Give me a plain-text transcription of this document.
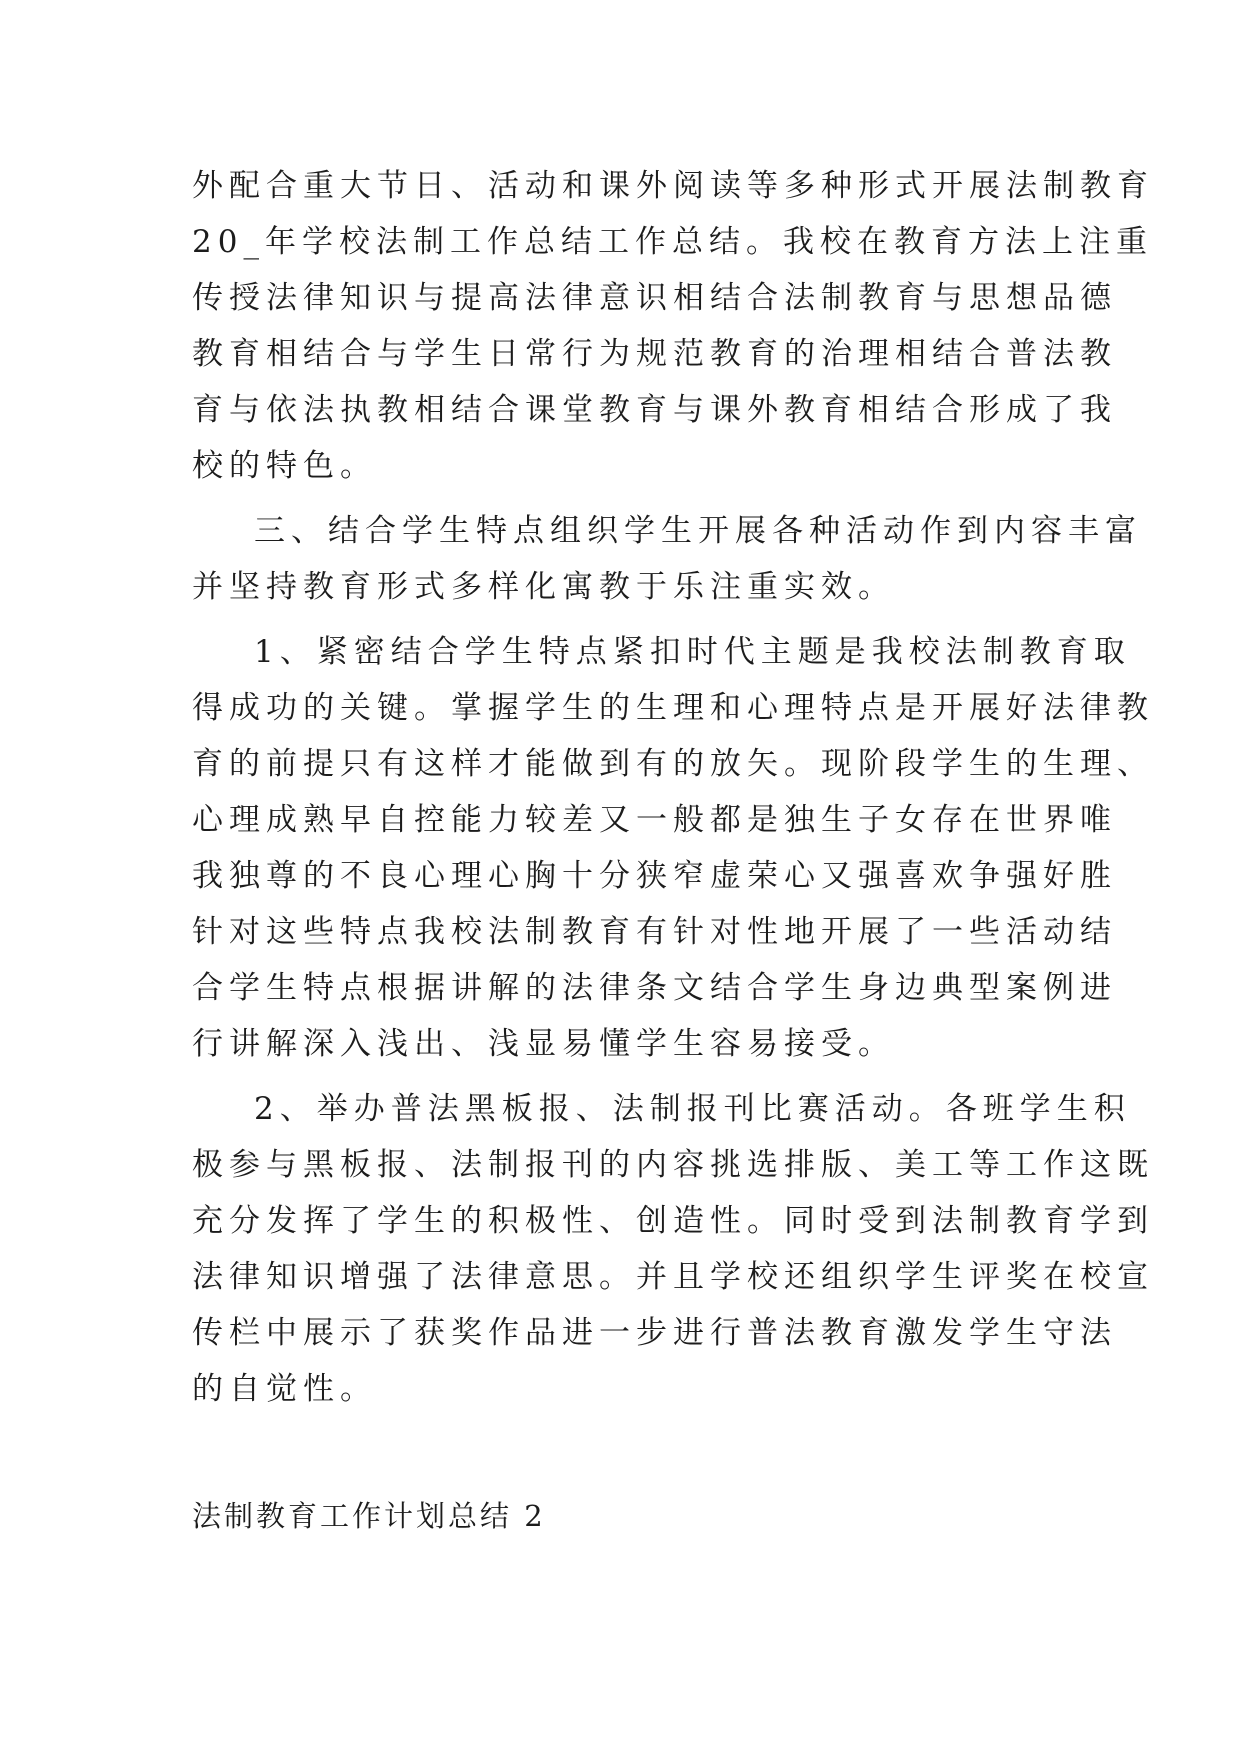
外配合重大节日、活动和课外阅读等多种形式开展法制教育
20_年学校法制工作总结工作总结。我校在教育方法上注重
传授法律知识与提高法律意识相结合法制教育与思想品德
教育相结合与学生日常行为规范教育的治理相结合普法教
育与依法执教相结合课堂教育与课外教育相结合形成了我
校的特色。
三、结合学生特点组织学生开展各种活动作到内容丰富
并坚持教育形式多样化寓教于乐注重实效。
1、紧密结合学生特点紧扣时代主题是我校法制教育取
得成功的关键。掌握学生的生理和心理特点是开展好法律教
育的前提只有这样才能做到有的放矢。现阶段学生的生理、
心理成熟早自控能力较差又一般都是独生子女存在世界唯
我独尊的不良心理心胸十分狭窄虚荣心又强喜欢争强好胜
针对这些特点我校法制教育有针对性地开展了一些活动结
合学生特点根据讲解的法律条文结合学生身边典型案例进
行讲解深入浅出、浅显易懂学生容易接受。
2、举办普法黑板报、法制报刊比赛活动。各班学生积
极参与黑板报、法制报刊的内容挑选排版、美工等工作这既
充分发挥了学生的积极性、创造性。同时受到法制教育学到
法律知识增强了法律意思。并且学校还组织学生评奖在校宣
传栏中展示了获奖作品进一步进行普法教育激发学生守法
的自觉性。
法制教育工作计划总结 2
